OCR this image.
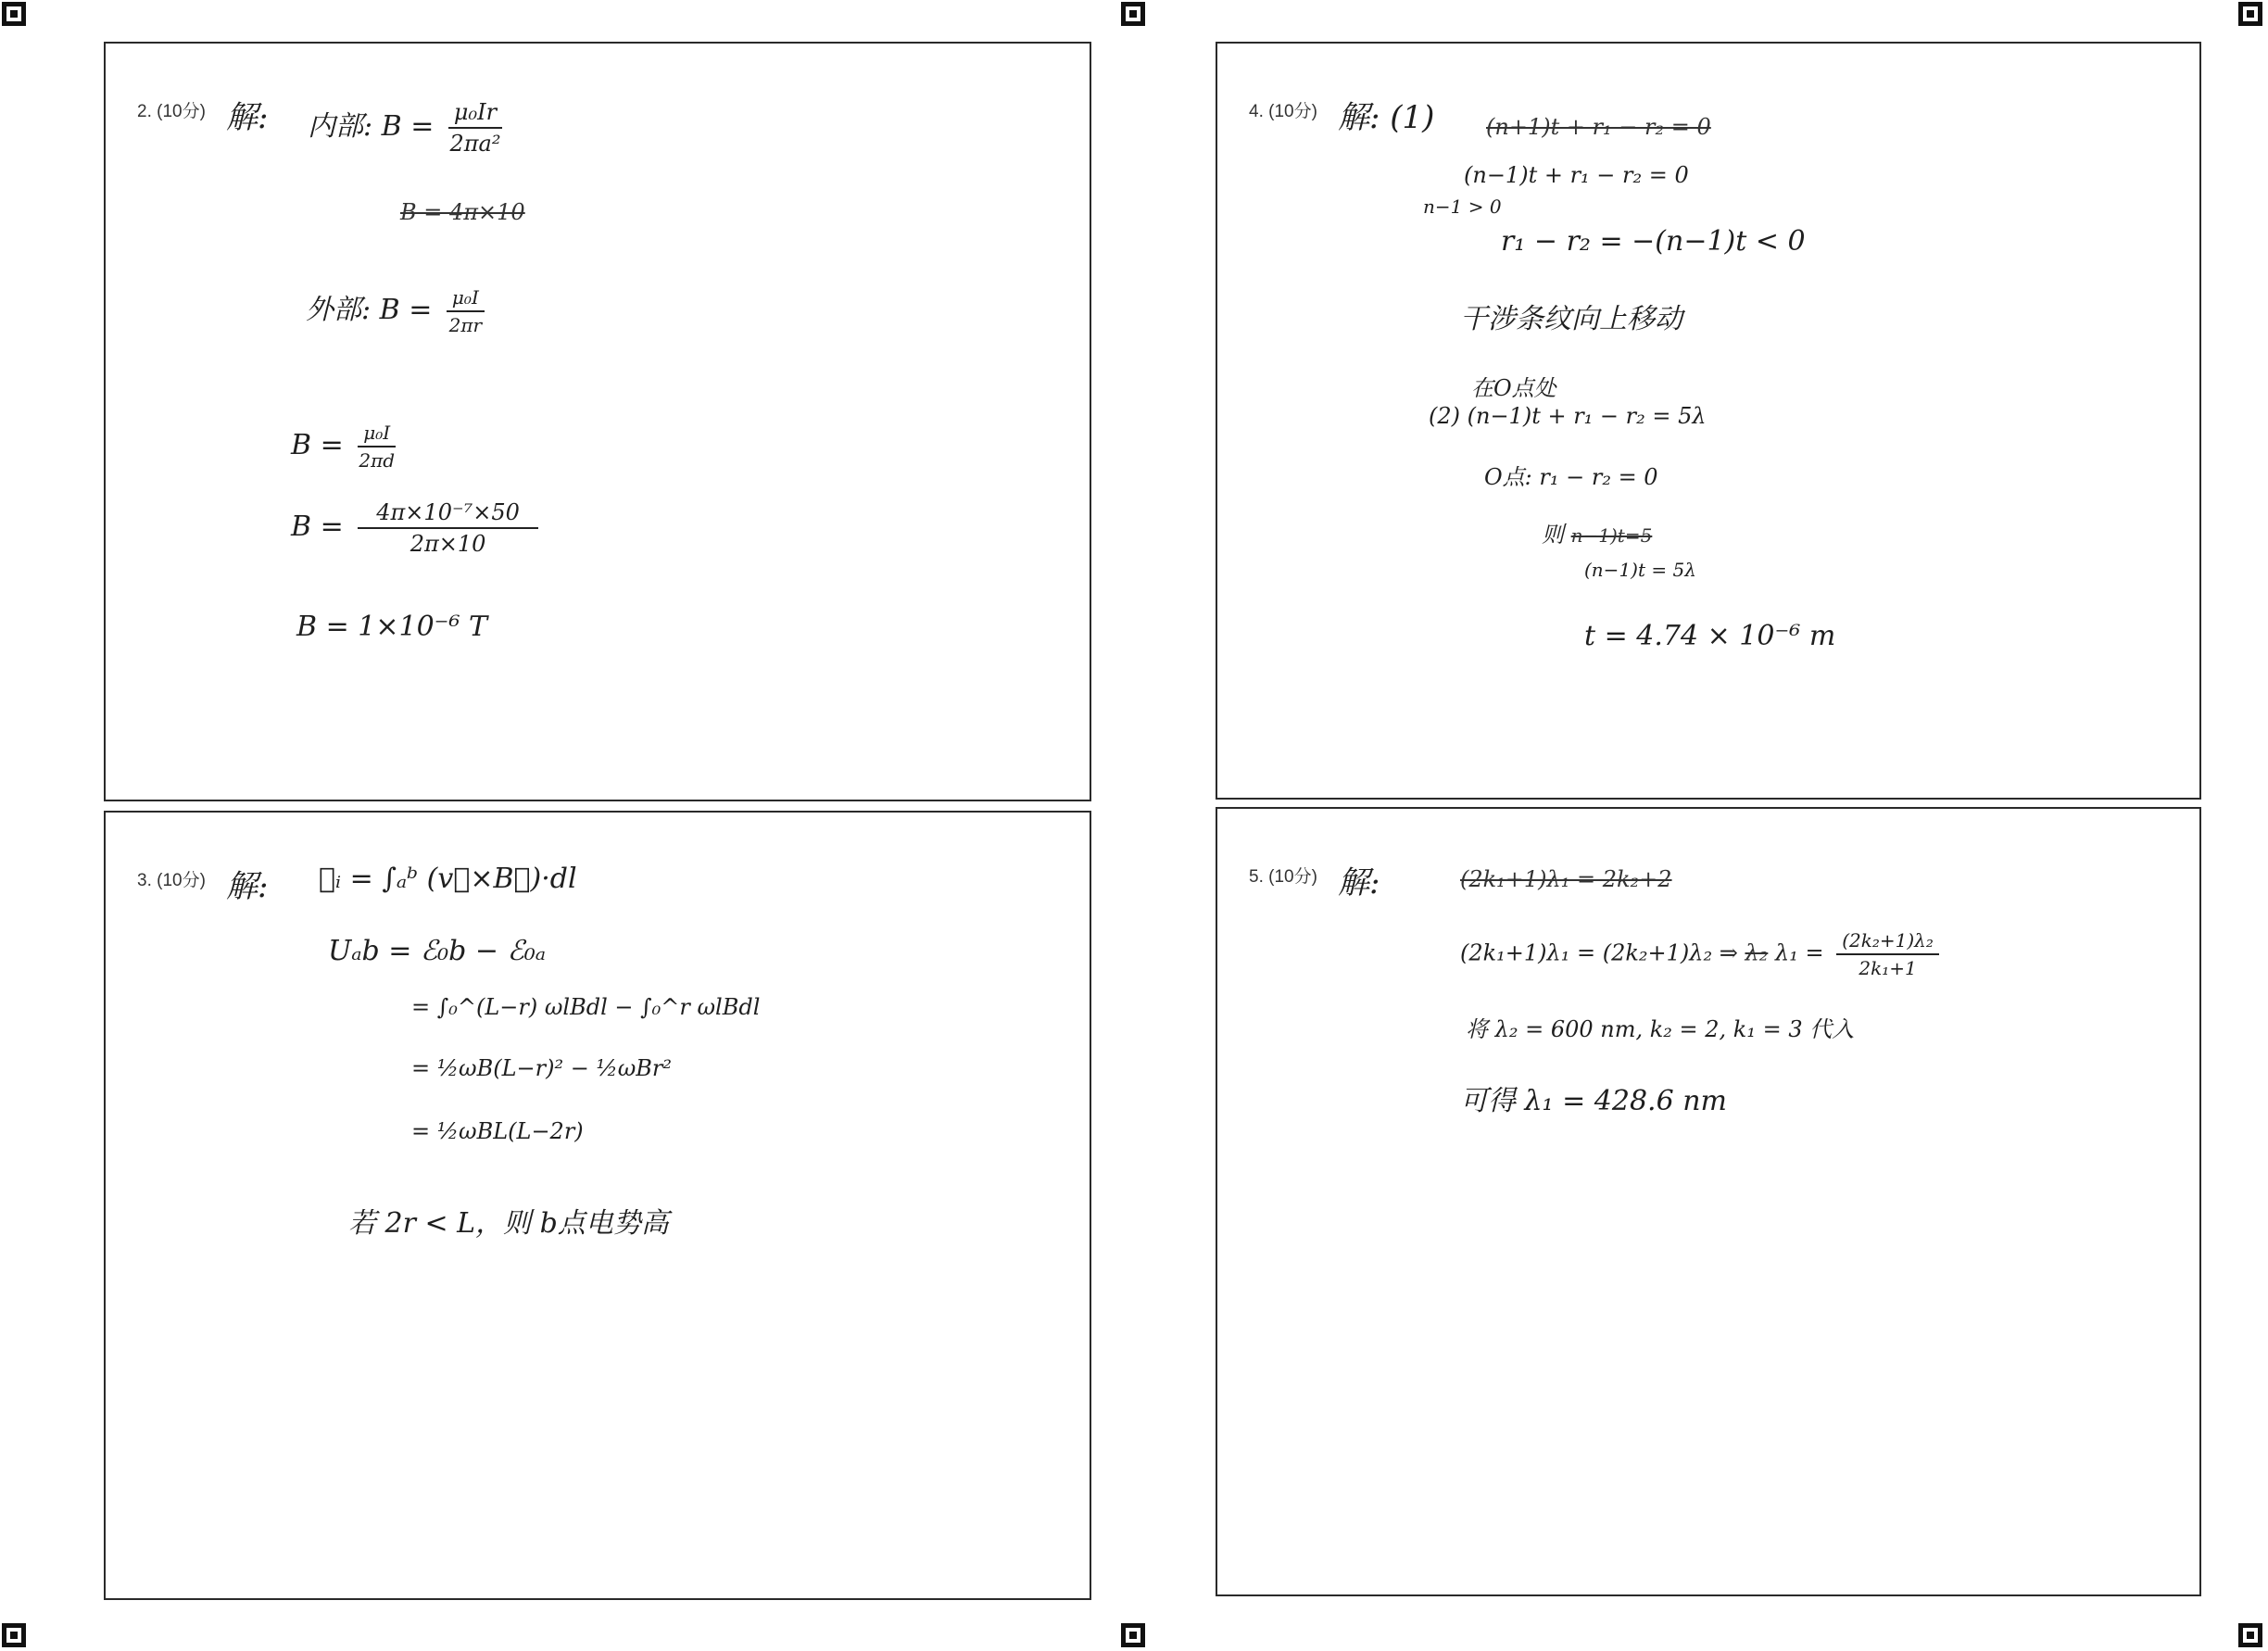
2. (10分) 解: 内部: $B = \frac{\text{μ₀Ir}}{\text{2πa²}}$
B = 4π×10
外部: $B = \frac{\text{μ₀I}}{2\pi r}$
$B = \frac{\text{μ₀I}}{2\pi d}$
$B = \frac{\text{4π×10⁻⁷×50}}{2\pi\times 10}$
B = 1×10⁻⁶ T
3. (10分) 解: ℰᵢ = ∫ₐᵇ (v⃗×B⃗)·dl
Uₐb = ℰ₀b − ℰ₀ₐ
= ∫₀^(L−r) ωlBdl − ∫₀^r ωlBdl
= ½ωB(L−r)² − ½ωBr²
= ½ωBL(L−2r)
若 2r < L，则 b点电势高
4. (10分) 解: (1) (n+1)t + r₁ − r₂ = 0
(n−1)t + r₁ − r₂ = 0
n−1 > 0
r₁ − r₂ = −(n−1)t < 0
干涉条纹向上移动
在O点处
(2) (n−1)t + r₁ − r₂ = 5λ
O点: r₁ − r₂ = 0
则 n−1)t=5
(n−1)t = 5λ
t = 4.74 × 10⁻⁶ m
5. (10分) 解:	(2k₁+1)λ₁ = 2k₂+2
(2k₁+1)λ₁ = (2k₂+1)λ₂ ⇒ λ₂ $\lambda_1 = \frac{\text{(2k₂+1)λ₂}}{\text{2k₁+1}}$
将 λ₂ = 600 nm, k₂ = 2, k₁ = 3 代入
可得 λ₁ = 428.6 nm
